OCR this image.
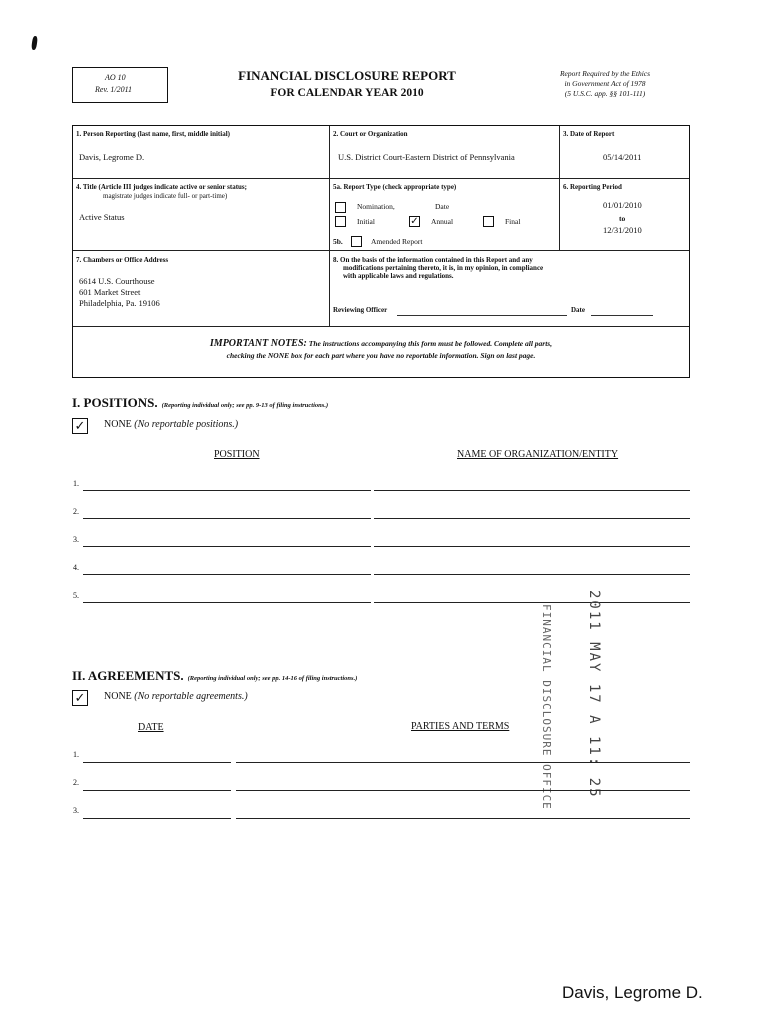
AO 10
Rev. 1/2011
FINANCIAL DISCLOSURE REPORT
FOR CALENDAR YEAR 2010
Report Required by the Ethics
in Government Act of 1978
(5 U.S.C. app. §§ 101-111)
1. Person Reporting (last name, first, middle initial)
Davis, Legrome D.
2. Court or Organization
U.S. District Court-Eastern District of Pennsylvania
3. Date of Report
05/14/2011
4. Title (Article III judges indicate active or senior status;
magistrate judges indicate full- or part-time)
Active Status
5a. Report Type (check appropriate type)
Nomination,	Date
Initial	✓ Annual	Final
5b.	Amended Report
6. Reporting Period
01/01/2010
to
12/31/2010
7. Chambers or Office Address
6614 U.S. Courthouse
601 Market Street
Philadelphia, Pa. 19106
8. On the basis of the information contained in this Report and any
modifications pertaining thereto, it is, in my opinion, in compliance
with applicable laws and regulations.
Reviewing Officer	Date
IMPORTANT NOTES: The instructions accompanying this form must be followed. Complete all parts,
checking the NONE box for each part where you have no reportable information. Sign on last page.
I. POSITIONS. (Reporting individual only; see pp. 9-13 of filing instructions.)
✓ NONE (No reportable positions.)
POSITION	NAME OF ORGANIZATION/ENTITY
1.
2.
3.
4.
5.	2011 MAY 17 A 11: 25
FINANCIAL DISCLOSURE OFFICE
II. AGREEMENTS. (Reporting individual only; see pp. 14-16 of filing instructions.)
✓ NONE (No reportable agreements.)
DATE	PARTIES AND TERMS
1.
2.
3.
Davis, Legrome D.
